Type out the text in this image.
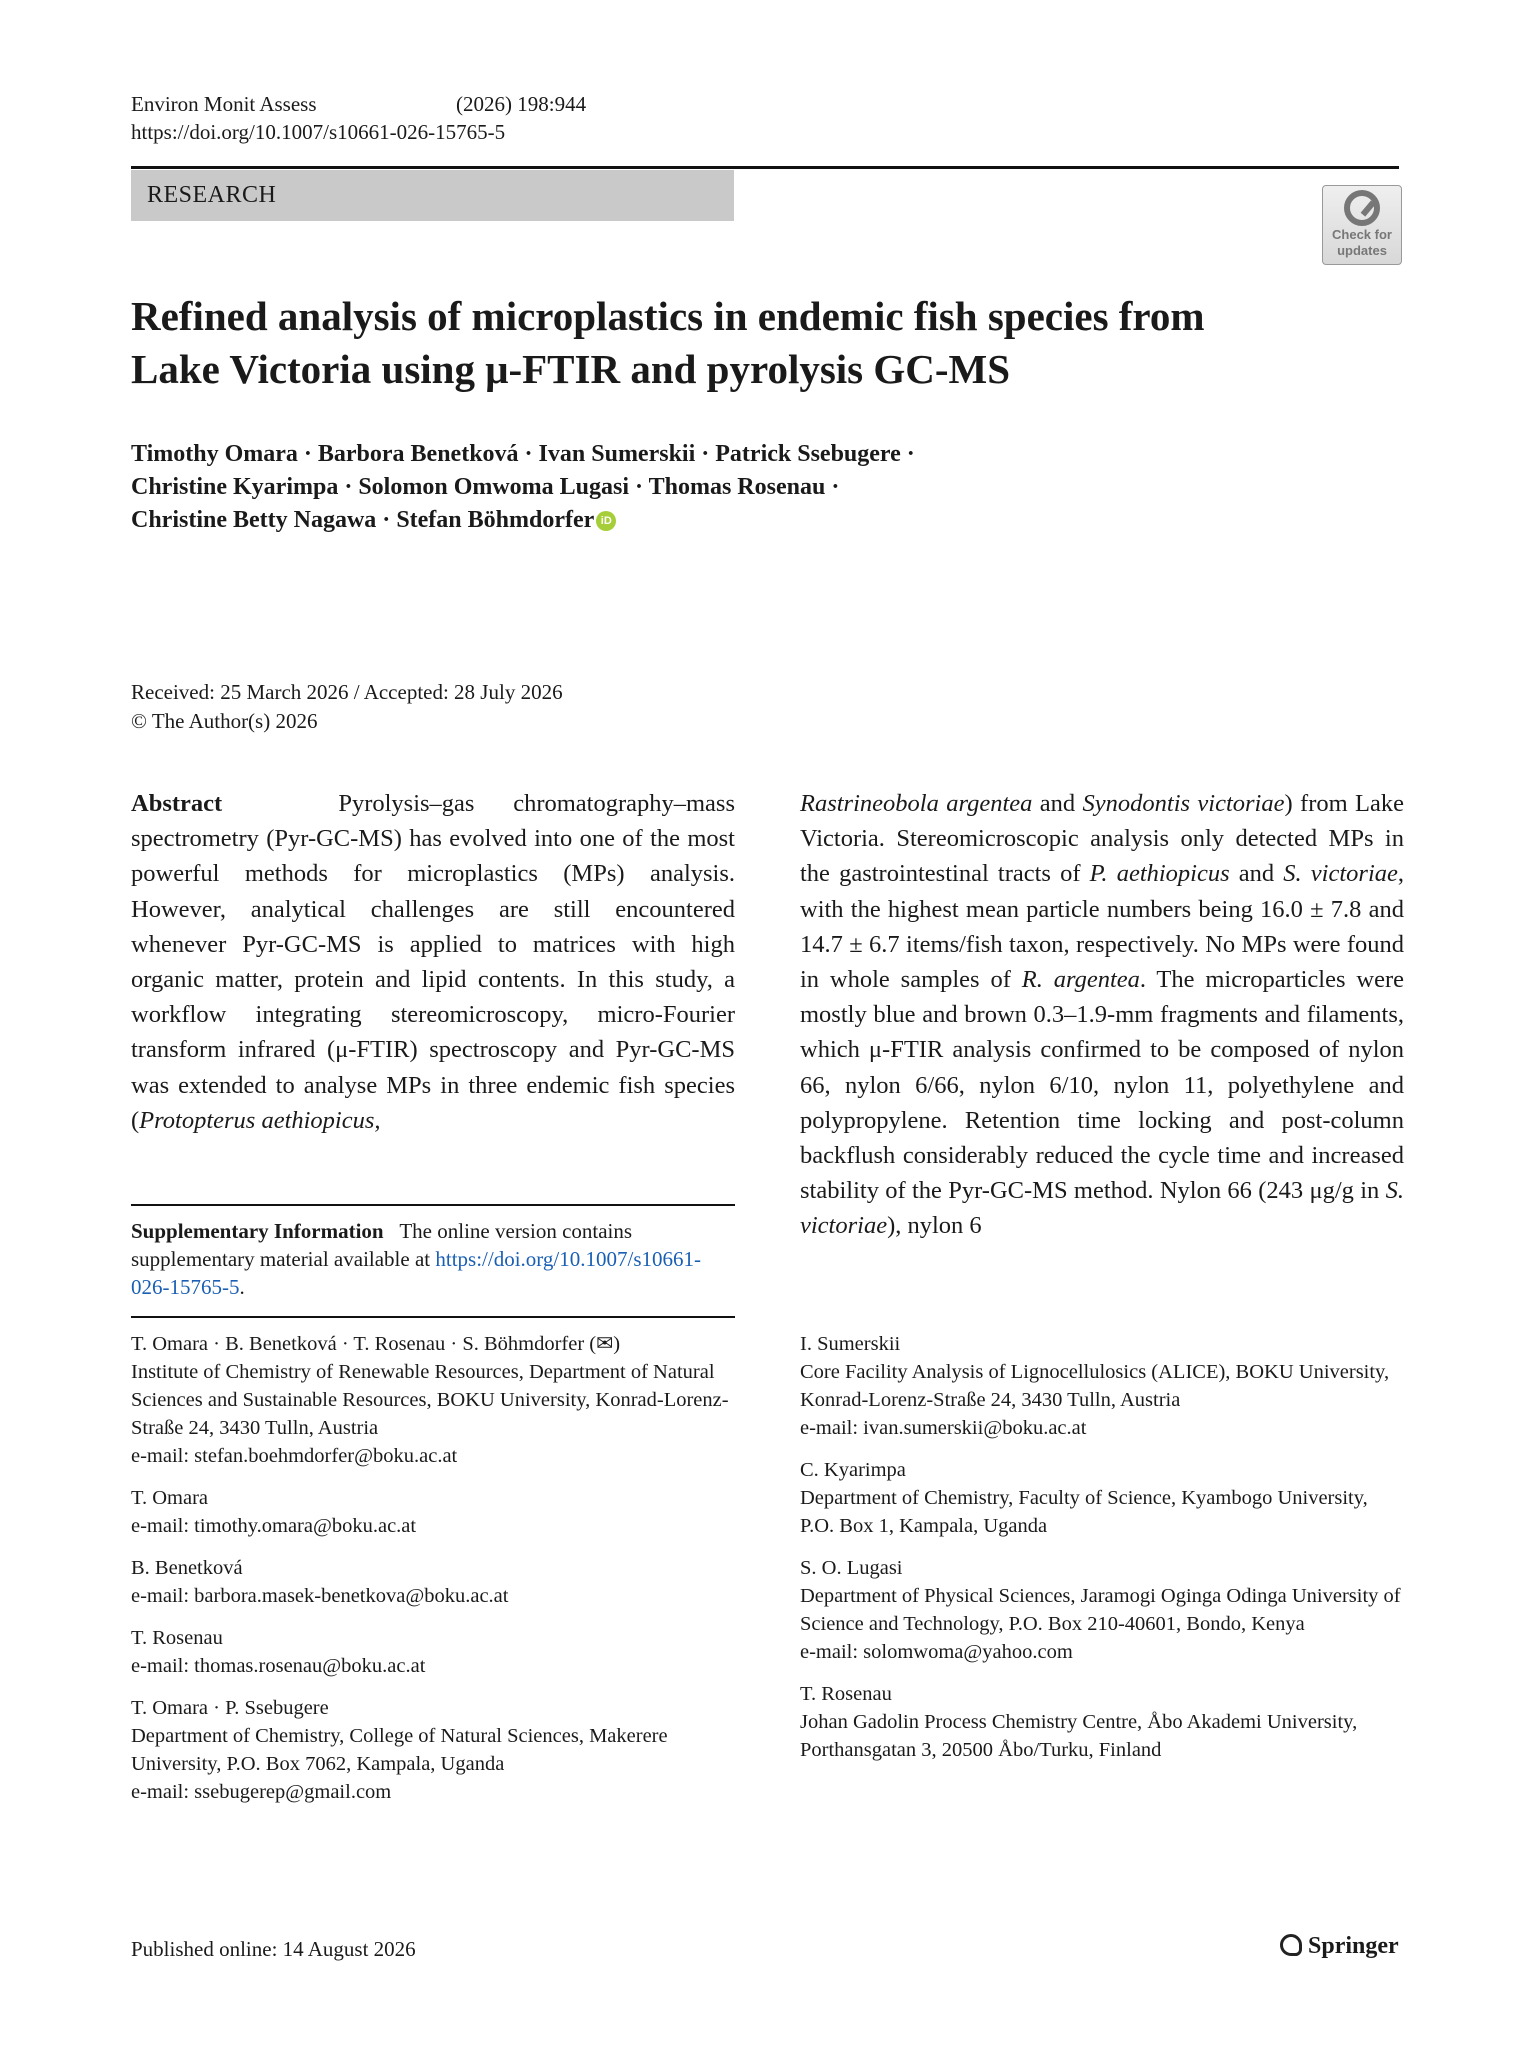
Environ Monit Assess	(2026) 198:944
https://doi.org/10.1007/s10661-026-15765-5
RESEARCH
Check for
updates
Refined analysis of microplastics in endemic fish species from Lake Victoria using μ-FTIR and pyrolysis GC-MS
Timothy Omara · Barbora Benetková · Ivan Sumerskii · Patrick Ssebugere ·
Christine Kyarimpa · Solomon Omwoma Lugasi · Thomas Rosenau ·
Christine Betty Nagawa · Stefan Böhmdorfer iD
Received: 25 March 2026 / Accepted: 28 July 2026
© The Author(s) 2026
Abstract	Pyrolysis–gas chromatography–mass spectrometry (Pyr-GC-MS) has evolved into one of the most powerful methods for microplastics (MPs) analysis. However, analytical challenges are still encountered whenever Pyr-GC-MS is applied to matrices with high organic matter, protein and lipid contents. In this study, a workflow integrating stereomicroscopy, micro-Fourier transform infrared (μ-FTIR) spectroscopy and Pyr-GC-MS was extended to analyse MPs in three endemic fish species (Protopterus aethiopicus,
Rastrineobola argentea and Synodontis victoriae) from Lake Victoria. Stereomicroscopic analysis only detected MPs in the gastrointestinal tracts of P. aethiopicus and S. victoriae, with the highest mean particle numbers being 16.0 ± 7.8 and 14.7 ± 6.7 items/fish taxon, respectively. No MPs were found in whole samples of R. argentea. The microparticles were mostly blue and brown 0.3–1.9-mm fragments and filaments, which μ-FTIR analysis confirmed to be composed of nylon 66, nylon 6/66, nylon 6/10, nylon 11, polyethylene and polypropylene. Retention time locking and post-column backflush considerably reduced the cycle time and increased stability of the Pyr-GC-MS method. Nylon 66 (243 μg/g in S. victoriae), nylon 6
Supplementary Information The online version contains supplementary material available at https://doi.org/10.1007/s10661-026-15765-5.
T. Omara · B. Benetková · T. Rosenau · S. Böhmdorfer (✉)
Institute of Chemistry of Renewable Resources, Department of Natural Sciences and Sustainable Resources, BOKU University, Konrad-Lorenz-Straße 24, 3430 Tulln, Austria
e-mail: stefan.boehmdorfer@boku.ac.at
T. Omara
e-mail: timothy.omara@boku.ac.at
B. Benetková
e-mail: barbora.masek-benetkova@boku.ac.at
T. Rosenau
e-mail: thomas.rosenau@boku.ac.at
T. Omara · P. Ssebugere
Department of Chemistry, College of Natural Sciences, Makerere University, P.O. Box 7062, Kampala, Uganda
e-mail: ssebugerep@gmail.com
I. Sumerskii
Core Facility Analysis of Lignocellulosics (ALICE), BOKU University, Konrad-Lorenz-Straße 24, 3430 Tulln, Austria
e-mail: ivan.sumerskii@boku.ac.at
C. Kyarimpa
Department of Chemistry, Faculty of Science, Kyambogo University, P.O. Box 1, Kampala, Uganda
S. O. Lugasi
Department of Physical Sciences, Jaramogi Oginga Odinga University of Science and Technology, P.O. Box 210-40601, Bondo, Kenya
e-mail: solomwoma@yahoo.com
T. Rosenau
Johan Gadolin Process Chemistry Centre, Åbo Akademi University, Porthansgatan 3, 20500 Åbo/Turku, Finland
Published online: 14 August 2026	Springer
